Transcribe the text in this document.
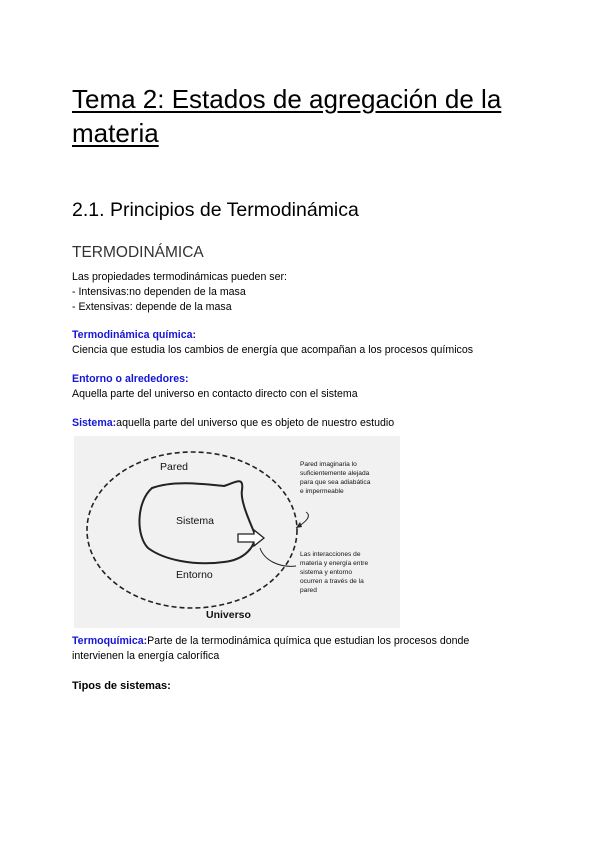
Tema 2: Estados de agregación de la materia
2.1. Principios de Termodinámica
TERMODINÁMICA
Las propiedades termodinámicas pueden ser:
- Intensivas:no dependen de la masa
- Extensivas: depende de la masa
Termodinámica química:
Ciencia que estudia los cambios de energía que acompañan a los procesos químicos
Entorno o alrededores:
Aquella parte del universo en contacto directo con el sistema
Sistema:aquella parte del universo que es objeto de nuestro estudio
Pared
Sistema
Entorno
Universo
Pared imaginaria lo
suficientemente alejada
para que sea adiabática
e impermeable
Las interacciones de
materia y energía entre
sistema y entorno
ocurren a través de la
pared
Termoquímica:Parte de la termodinámica química que estudian los procesos donde
intervienen la energía calorífica
Tipos de sistemas:
